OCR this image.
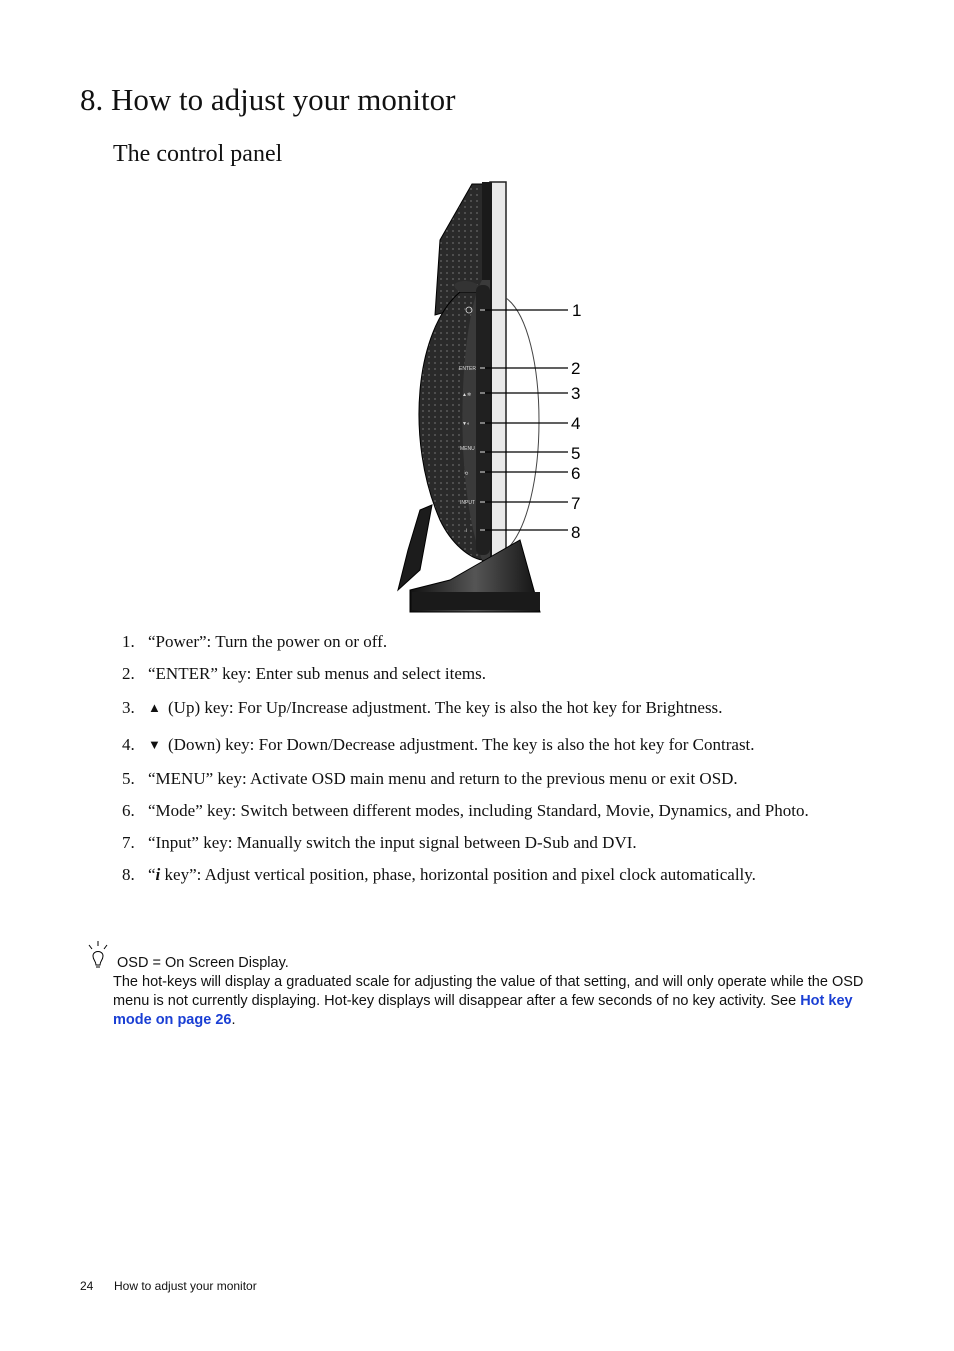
8. How to adjust your monitor
The control panel
ENTER
▲✲
▼◐
MENU
⟲
INPUT
i
1
2
3
4
5
6
7
8
1. “Power”: Turn the power on or off.
2. “ENTER” key: Enter sub menus and select items.
3. ▲ (Up) key: For Up/Increase adjustment. The key is also the hot key for Brightness.
4. ▼ (Down) key: For Down/Decrease adjustment. The key is also the hot key for Contrast.
5. “MENU” key: Activate OSD main menu and return to the previous menu or exit OSD.
6. “Mode” key: Switch between different modes, including Standard, Movie, Dynamics, and Photo.
7. “Input” key: Manually switch the input signal between D-Sub and DVI.
8. “i key”: Adjust vertical position, phase, horizontal position and pixel clock automatically.
OSD = On Screen Display.
The hot-keys will display a graduated scale for adjusting the value of that setting, and will only operate while the OSD menu is not currently displaying. Hot-key displays will disappear after a few seconds of no key activity. See Hot key mode on page 26.
24 How to adjust your monitor
